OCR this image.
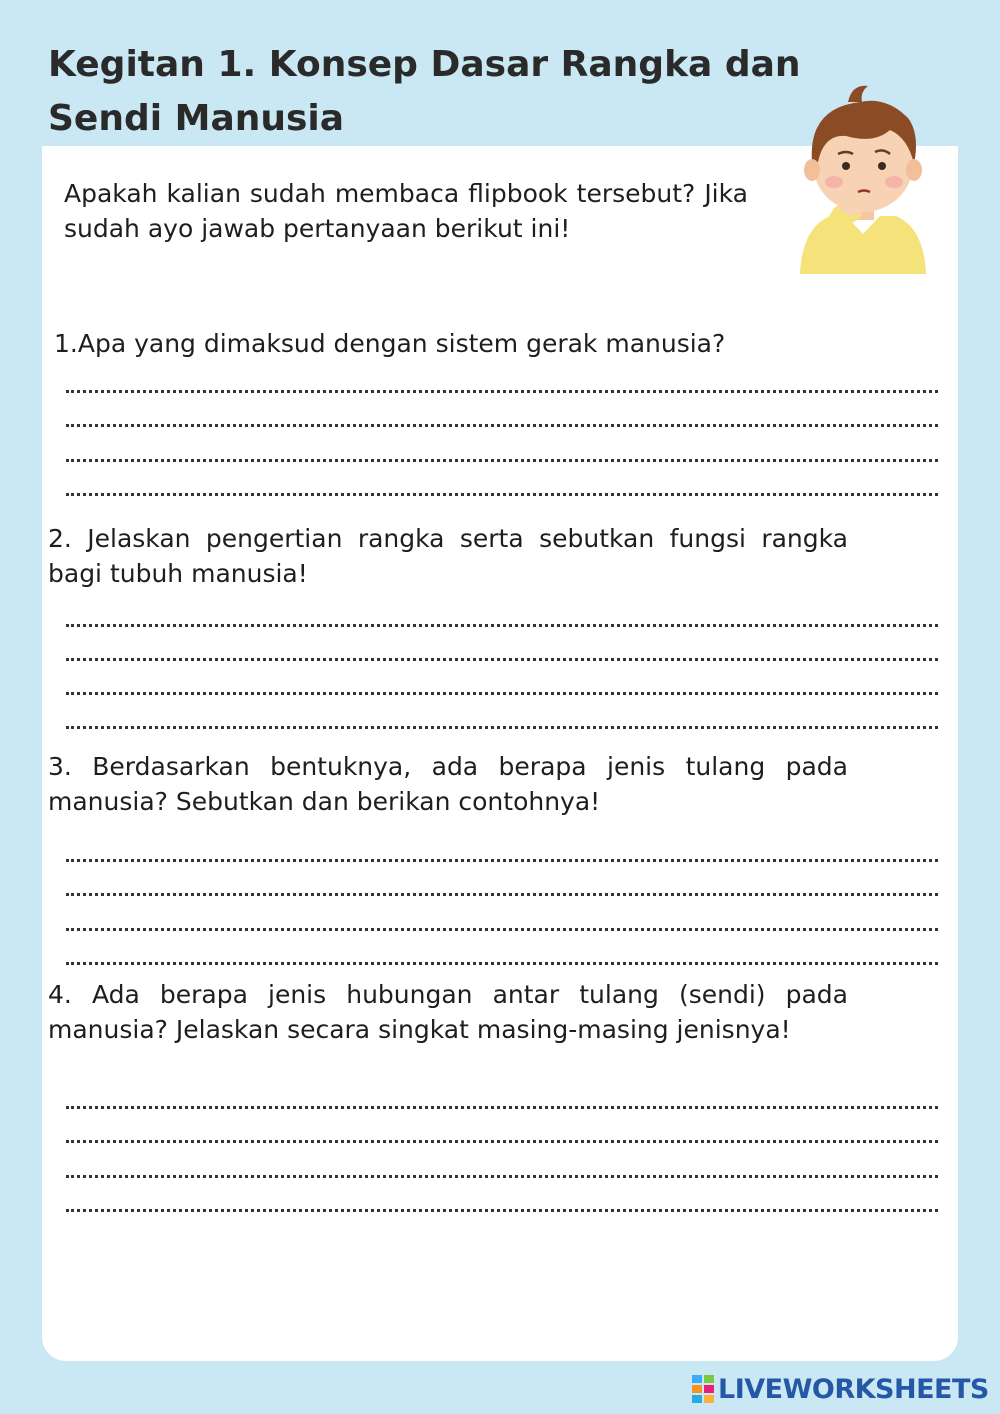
Kegitan 1. Konsep Dasar Rangka dan Sendi Manusia

Apakah kalian sudah membaca flipbook tersebut? Jika sudah ayo jawab pertanyaan berikut ini!

1.Apa yang dimaksud dengan sistem gerak manusia?

2. Jelaskan pengertian rangka serta sebutkan fungsi rangka bagi tubuh manusia!

3. Berdasarkan bentuknya, ada berapa jenis tulang pada manusia? Sebutkan dan berikan contohnya!

4. Ada berapa jenis hubungan antar tulang (sendi) pada manusia? Jelaskan secara singkat masing-masing jenisnya!

LIVEWORKSHEETS
